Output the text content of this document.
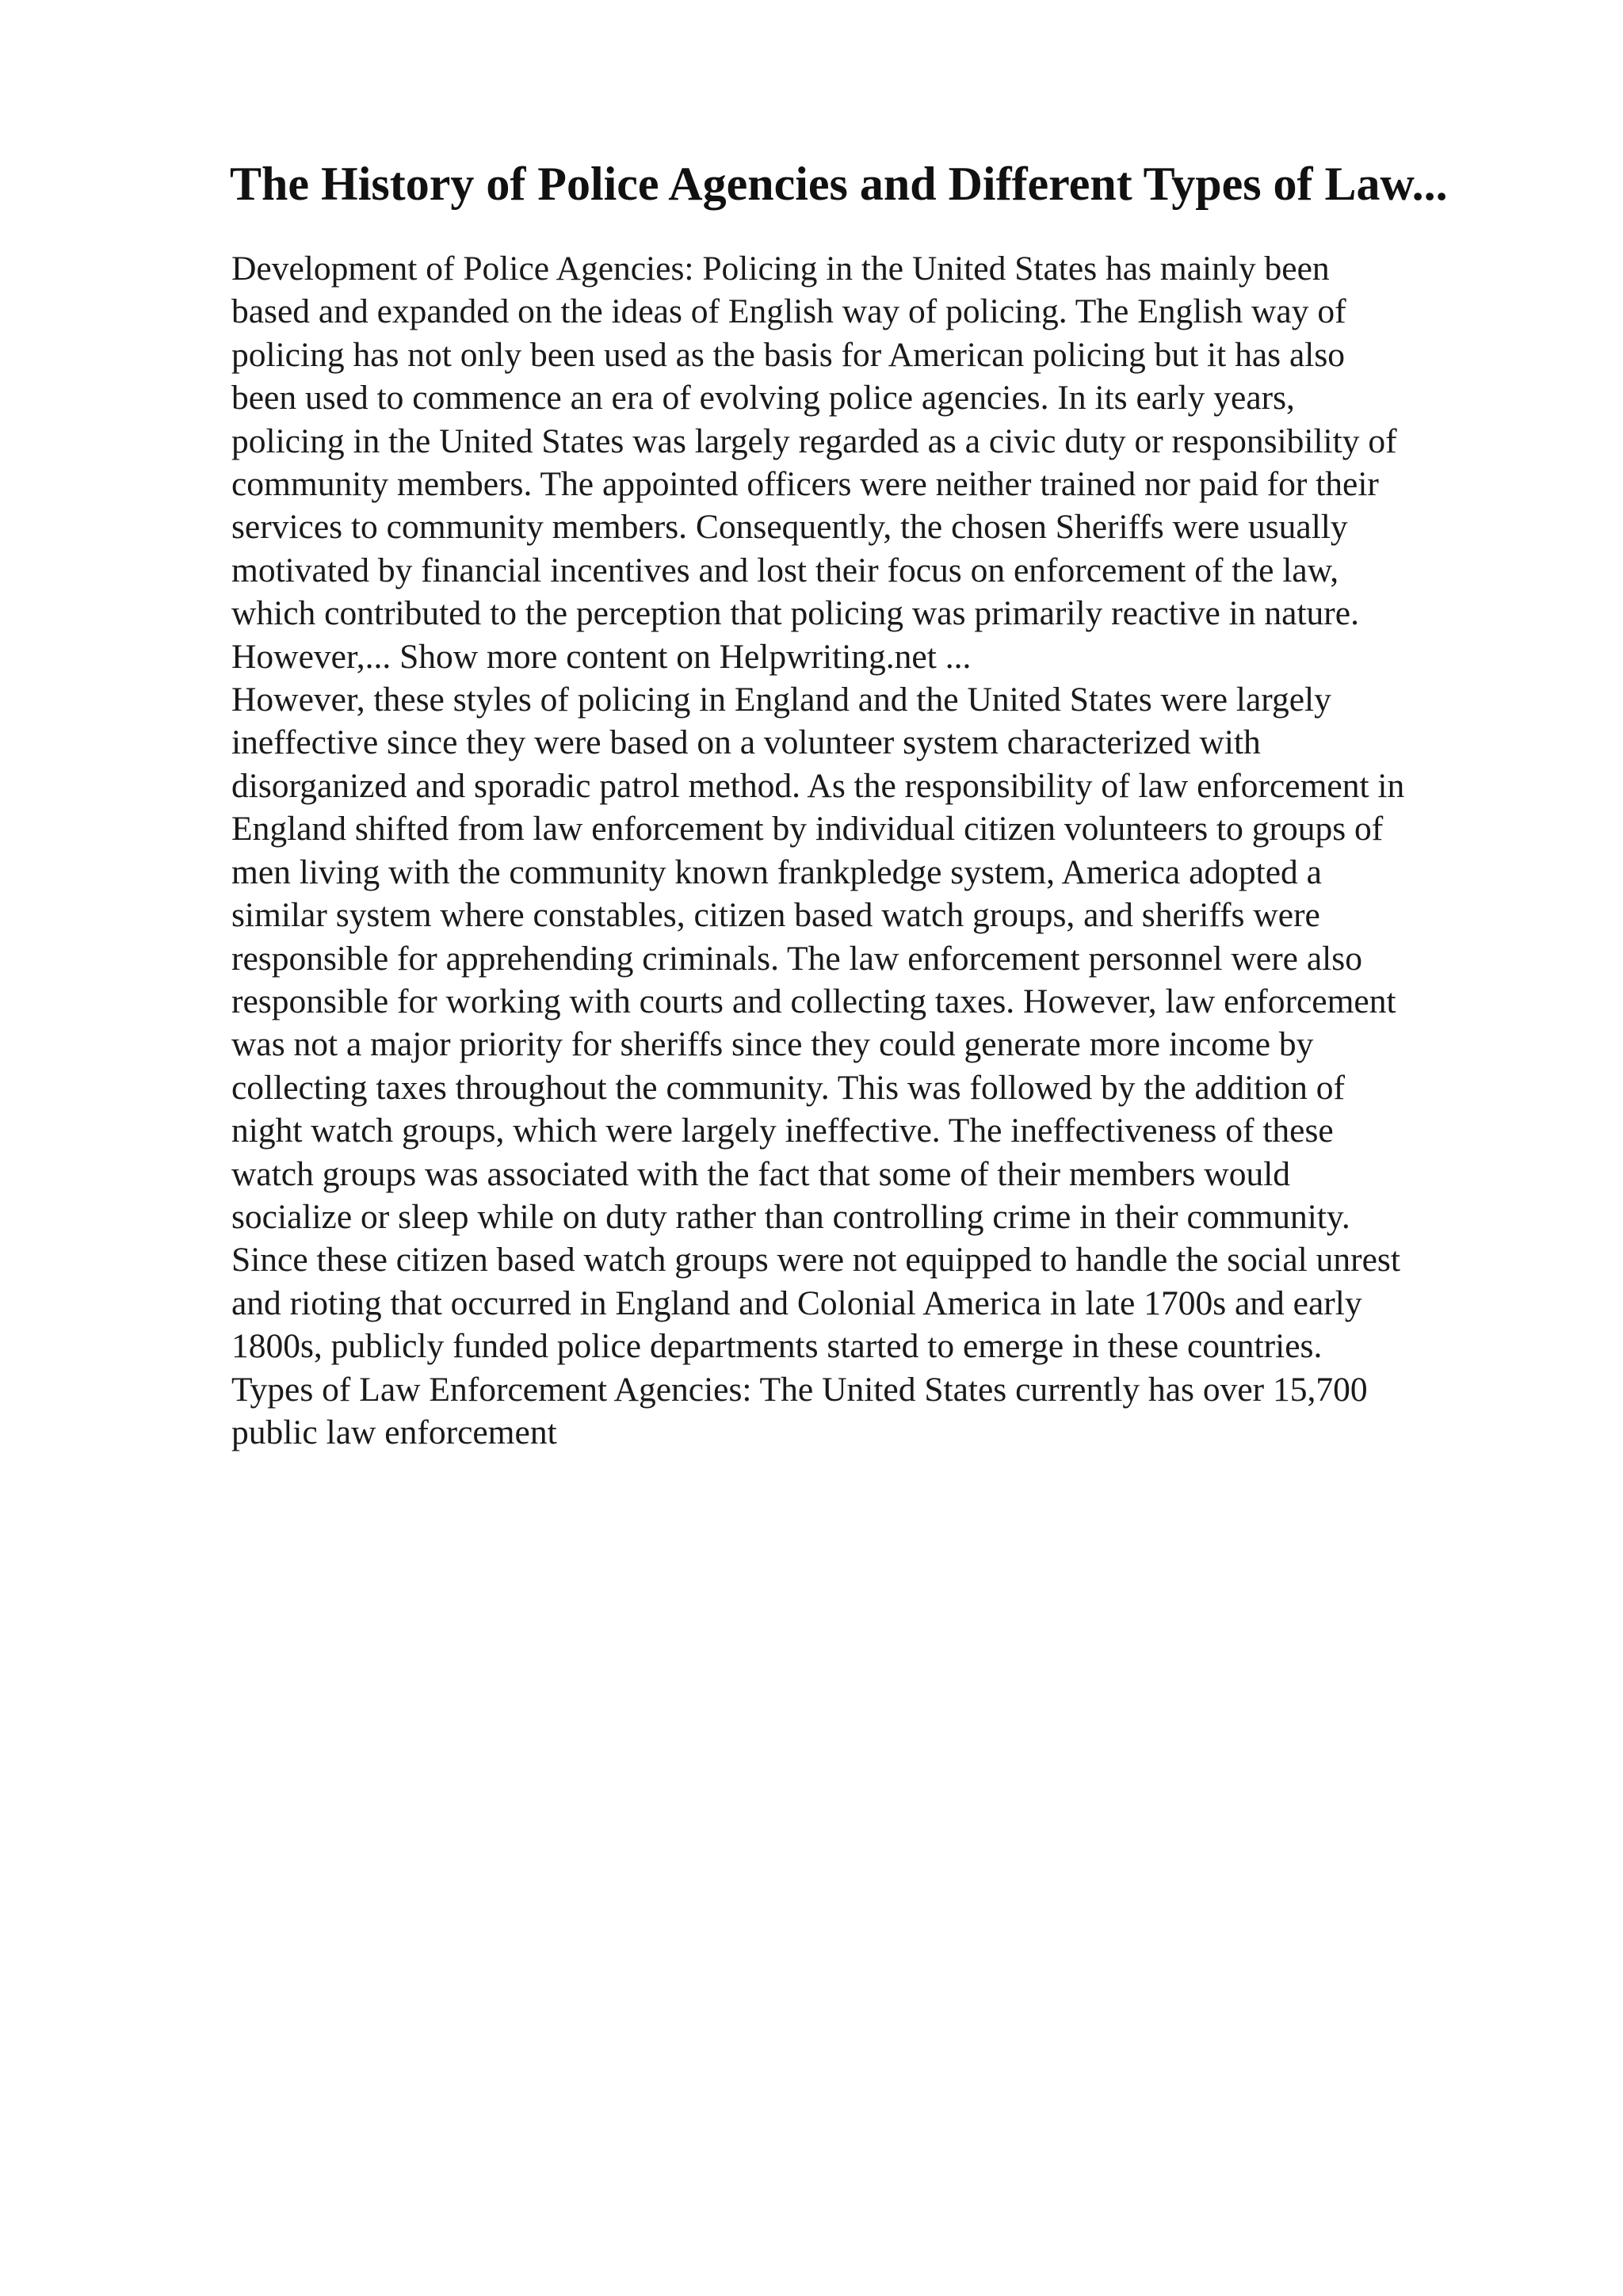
The History of Police Agencies and Different Types of Law...
Development of Police Agencies: Policing in the United States has mainly been
based and expanded on the ideas of English way of policing. The English way of
policing has not only been used as the basis for American policing but it has also
been used to commence an era of evolving police agencies. In its early years,
policing in the United States was largely regarded as a civic duty or responsibility of
community members. The appointed officers were neither trained nor paid for their
services to community members. Consequently, the chosen Sheriffs were usually
motivated by financial incentives and lost their focus on enforcement of the law,
which contributed to the perception that policing was primarily reactive in nature.
However,... Show more content on Helpwriting.net ...
However, these styles of policing in England and the United States were largely
ineffective since they were based on a volunteer system characterized with
disorganized and sporadic patrol method. As the responsibility of law enforcement in
England shifted from law enforcement by individual citizen volunteers to groups of
men living with the community known frankpledge system, America adopted a
similar system where constables, citizen based watch groups, and sheriffs were
responsible for apprehending criminals. The law enforcement personnel were also
responsible for working with courts and collecting taxes. However, law enforcement
was not a major priority for sheriffs since they could generate more income by
collecting taxes throughout the community. This was followed by the addition of
night watch groups, which were largely ineffective. The ineffectiveness of these
watch groups was associated with the fact that some of their members would
socialize or sleep while on duty rather than controlling crime in their community.
Since these citizen based watch groups were not equipped to handle the social unrest
and rioting that occurred in England and Colonial America in late 1700s and early
1800s, publicly funded police departments started to emerge in these countries.
Types of Law Enforcement Agencies: The United States currently has over 15,700
public law enforcement
